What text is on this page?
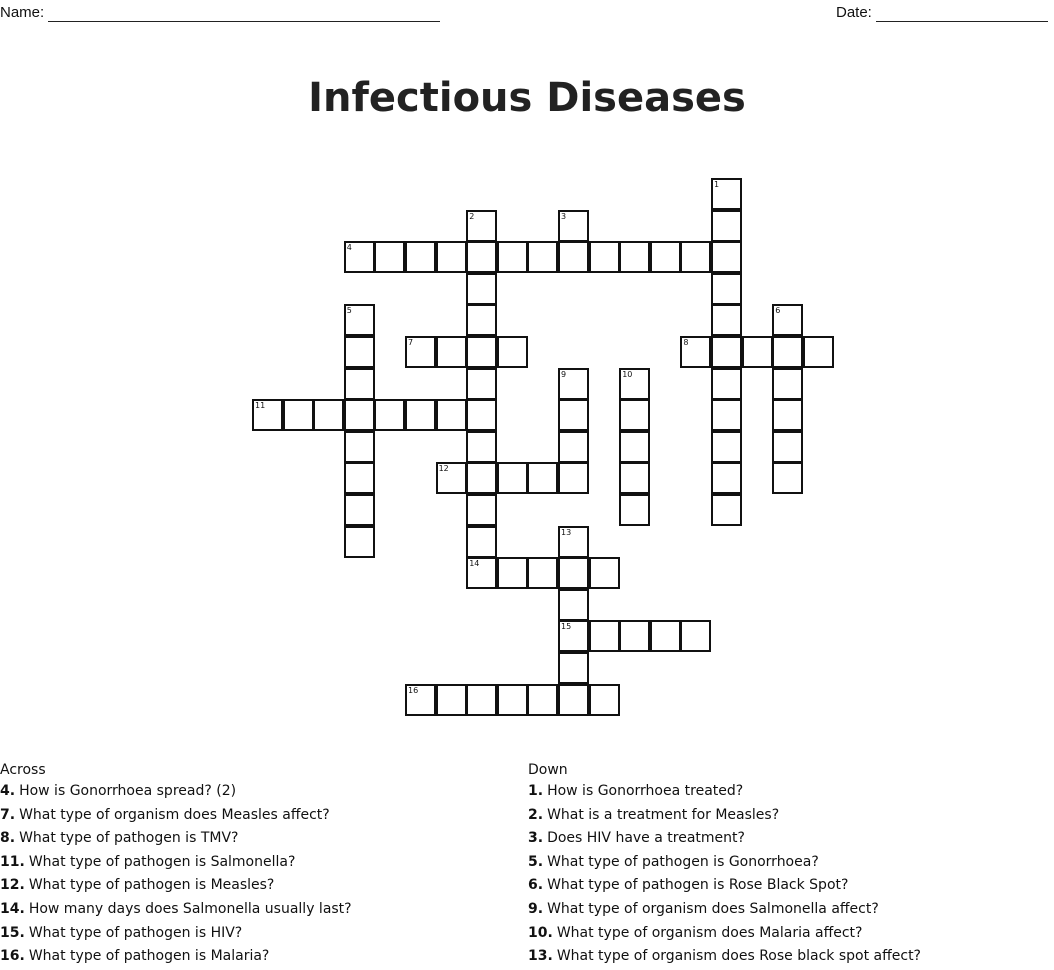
Name:	Date:
Infectious Diseases
1
2	3
4
5	6
7	8
9	10
11
12
13
14
15
16
Across
4. How is Gonorrhoea spread? (2)
7. What type of organism does Measles affect?
8. What type of pathogen is TMV?
11. What type of pathogen is Salmonella?
12. What type of pathogen is Measles?
14. How many days does Salmonella usually last?
15. What type of pathogen is HIV?
16. What type of pathogen is Malaria?
Down
1. How is Gonorrhoea treated?
2. What is a treatment for Measles?
3. Does HIV have a treatment?
5. What type of pathogen is Gonorrhoea?
6. What type of pathogen is Rose Black Spot?
9. What type of organism does Salmonella affect?
10. What type of organism does Malaria affect?
13. What type of organism does Rose black spot affect?
